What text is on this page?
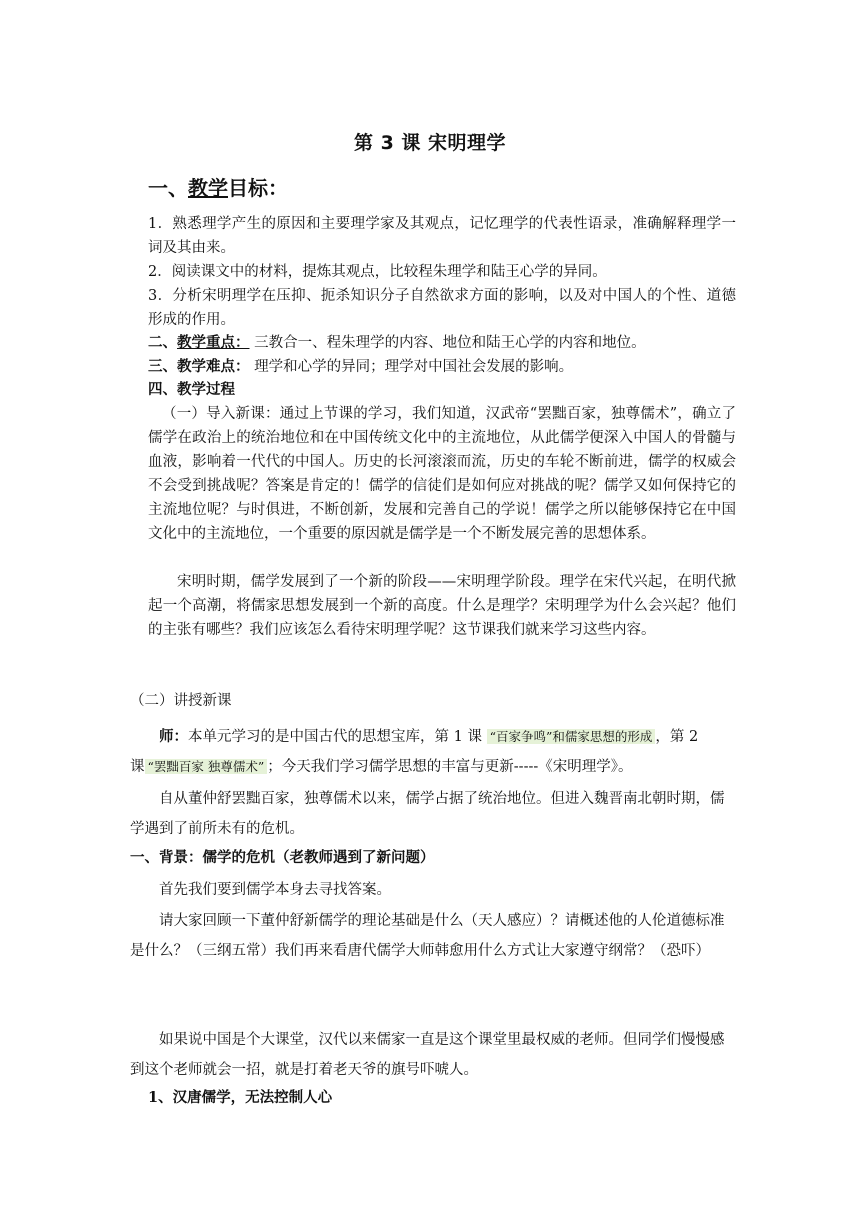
第 3 课 宋明理学
一、教学目标：

1．熟悉理学产生的原因和主要理学家及其观点，记忆理学的代表性语录，准确解释理学一词及其由来。

2．阅读课文中的材料，提炼其观点，比较程朱理学和陆王心学的异同。

3．分析宋明理学在压抑、扼杀知识分子自然欲求方面的影响，以及对中国人的个性、道德形成的作用。

二、教学重点： 三教合一、程朱理学的内容、地位和陆王心学的内容和地位。

三、教学难点： 理学和心学的异同；理学对中国社会发展的影响。

四、教学过程

（一）导入新课：通过上节课的学习，我们知道，汉武帝“罢黜百家，独尊儒术”，确立了儒学在政治上的统治地位和在中国传统文化中的主流地位，从此儒学便深入中国人的骨髓与血液，影响着一代代的中国人。历史的长河滚滚而流，历史的车轮不断前进，儒学的权威会不会受到挑战呢？答案是肯定的！儒学的信徒们是如何应对挑战的呢？儒学又如何保持它的主流地位呢？与时俱进，不断创新，发展和完善自己的学说！儒学之所以能够保持它在中国文化中的主流地位，一个重要的原因就是儒学是一个不断发展完善的思想体系。

宋明时期，儒学发展到了一个新的阶段——宋明理学阶段。理学在宋代兴起，在明代掀起一个高潮，将儒家思想发展到一个新的高度。什么是理学？宋明理学为什么会兴起？他们的主张有哪些？我们应该怎么看待宋明理学呢？这节课我们就来学习这些内容。

（二）讲授新课

师：本单元学习的是中国古代的思想宝库，第 1 课 “百家争鸣”和儒家思想的形成 ，第 2 课 “罢黜百家 独尊儒术” ；今天我们学习儒学思想的丰富与更新-----《宋明理学》。

自从董仲舒罢黜百家，独尊儒术以来，儒学占据了统治地位。但进入魏晋南北朝时期，儒学遇到了前所未有的危机。

一、背景：儒学的危机（老教师遇到了新问题）

首先我们要到儒学本身去寻找答案。

请大家回顾一下董仲舒新儒学的理论基础是什么（天人感应）？请概述他的人伦道德标准是什么？（三纲五常）我们再来看唐代儒学大师韩愈用什么方式让大家遵守纲常？（恐吓）

如果说中国是个大课堂，汉代以来儒家一直是这个课堂里最权威的老师。但同学们慢慢感到这个老师就会一招，就是打着老天爷的旗号吓唬人。

1、汉唐儒学，无法控制人心
